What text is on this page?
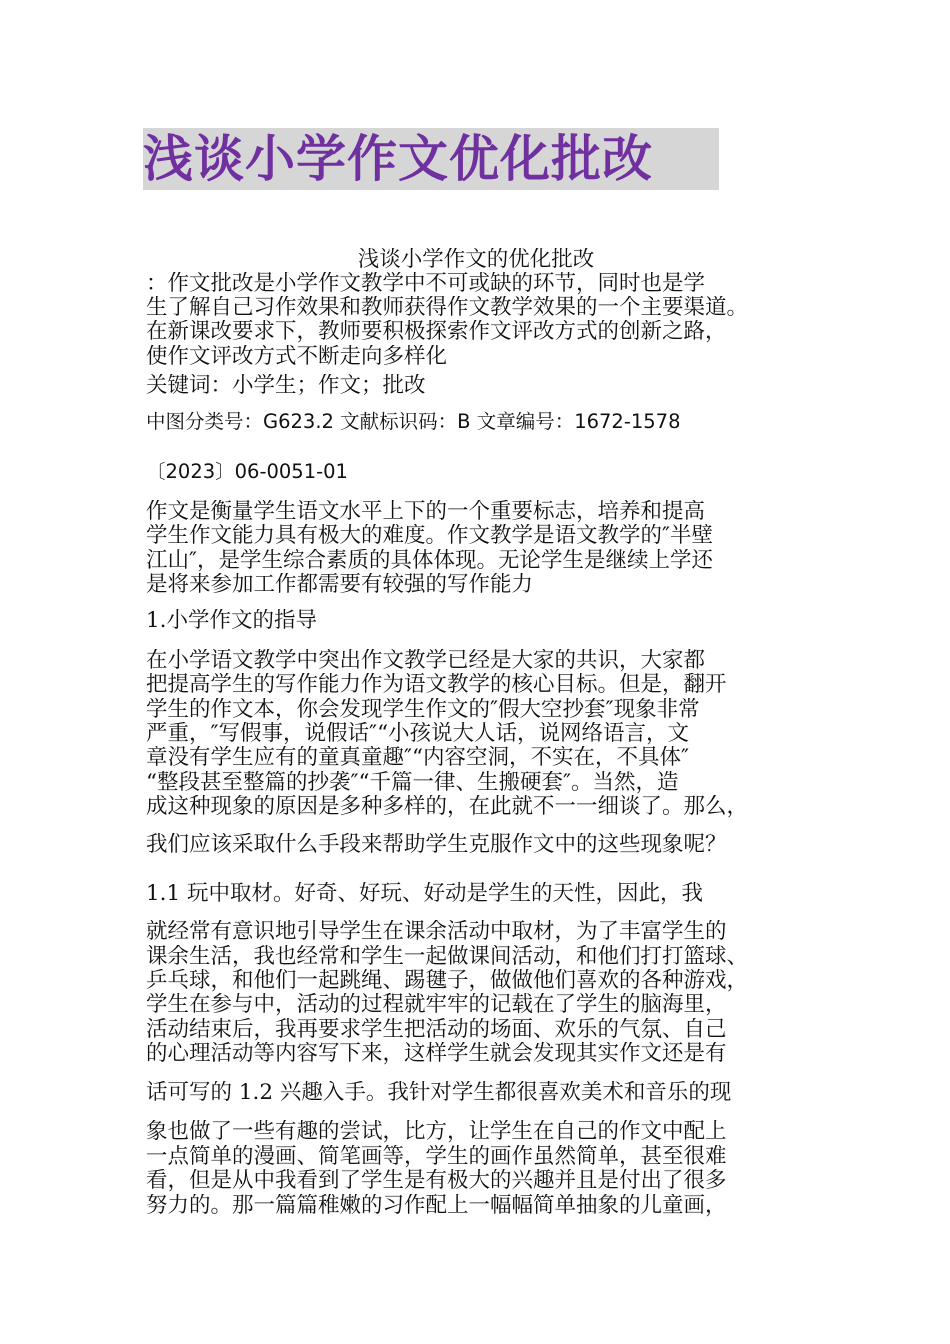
浅谈小学作文优化批改
浅谈小学作文的优化批改
：作文批改是小学作文教学中不可或缺的环节，同时也是学
生了解自己习作效果和教师获得作文教学效果的一个主要渠道。
在新课改要求下，教师要积极探索作文评改方式的创新之路，
使作文评改方式不断走向多样化
关键词：小学生；作文；批改
中图分类号：G623.2 文献标识码：B 文章编号：1672-1578
〔2023〕06-0051-01
作文是衡量学生语文水平上下的一个重要标志，培养和提高
学生作文能力具有极大的难度。作文教学是语文教学的″半壁
江山″，是学生综合素质的具体体现。无论学生是继续上学还
是将来参加工作都需要有较强的写作能力
1.小学作文的指导
在小学语文教学中突出作文教学已经是大家的共识，大家都
把提高学生的写作能力作为语文教学的核心目标。但是，翻开
学生的作文本，你会发现学生作文的″假大空抄套″现象非常
严重，″写假事，说假话″“小孩说大人话，说网络语言，文
章没有学生应有的童真童趣″“内容空洞，不实在，不具体″
“整段甚至整篇的抄袭″“千篇一律、生搬硬套″。当然，造
成这种现象的原因是多种多样的，在此就不一一细谈了。那么，
我们应该采取什么手段来帮助学生克服作文中的这些现象呢？
1.1 玩中取材。好奇、好玩、好动是学生的天性，因此，我
就经常有意识地引导学生在课余活动中取材，为了丰富学生的
课余生活，我也经常和学生一起做课间活动，和他们打打篮球、
乒乓球，和他们一起跳绳、踢毽子，做做他们喜欢的各种游戏，
学生在参与中，活动的过程就牢牢的记载在了学生的脑海里，
活动结束后，我再要求学生把活动的场面、欢乐的气氛、自己
的心理活动等内容写下来，这样学生就会发现其实作文还是有
话可写的 1.2 兴趣入手。我针对学生都很喜欢美术和音乐的现
象也做了一些有趣的尝试，比方，让学生在自己的作文中配上
一点简单的漫画、简笔画等，学生的画作虽然简单，甚至很难
看，但是从中我看到了学生是有极大的兴趣并且是付出了很多
努力的。那一篇篇稚嫩的习作配上一幅幅简单抽象的儿童画，
